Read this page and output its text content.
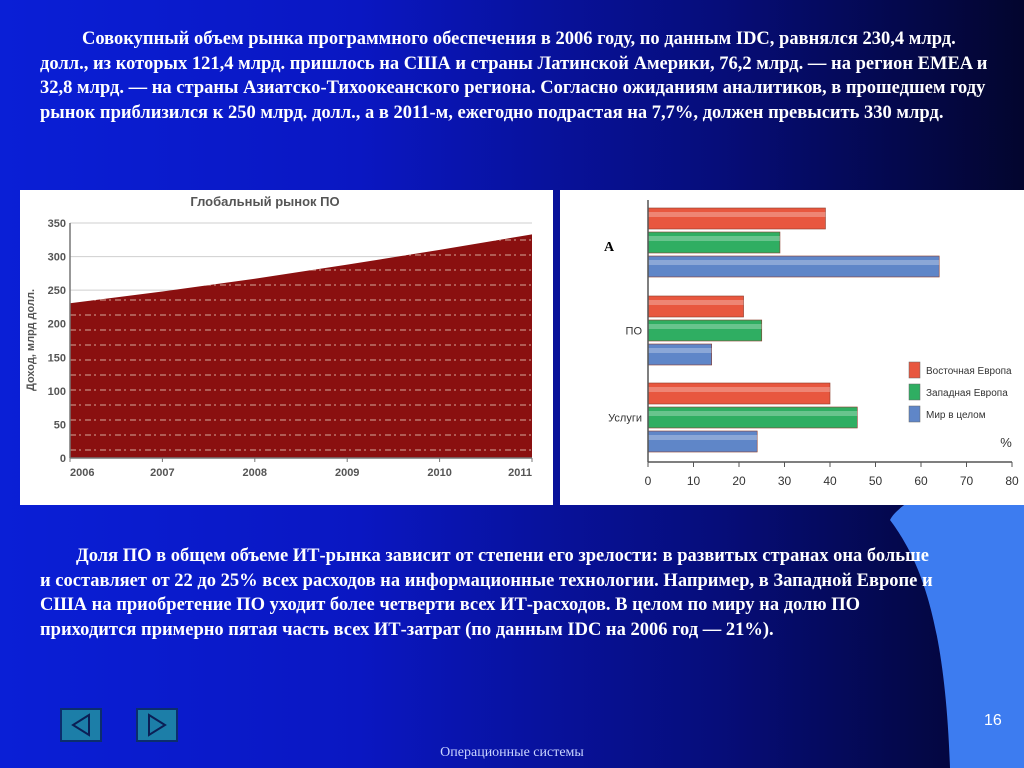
Совокупный объем рынка программного обеспечения в 2006 году, по данным IDC, равнялся 230,4 млрд. долл., из которых 121,4 млрд. пришлось на США и страны Латинской Америки, 76,2 млрд. — на регион EMEA и 32,8 млрд. — на страны Азиатско-Тихоокеанского региона. Согласно ожиданиям аналитиков, в прошедшем году рынок приблизился к 250 млрд. долл., а в 2011-м, ежегодно подрастая на 7,7%, должен превысить 330 млрд.

Глобальный рынок ПО
Доход, млрд долл.
0
50
100
150
200
250
300
350
2006	2007	2008	2009	2010	2011
0	10	20	30	40	50	60	70	80
ПО
Услуги
%
Восточная Европа
Западная Европа
Мир в целом
А

Доля ПО в общем объеме ИТ-рынка зависит от степени его зрелости: в развитых странах она больше и составляет от 22 до 25% всех расходов на информационные технологии. Например, в Западной Европе и США на приобретение ПО уходит более четверти всех ИТ-расходов. В целом по миру на долю ПО приходится примерно пятая часть всех ИТ-затрат (по данным IDC на 2006 год — 21%).

16
Операционные системы
